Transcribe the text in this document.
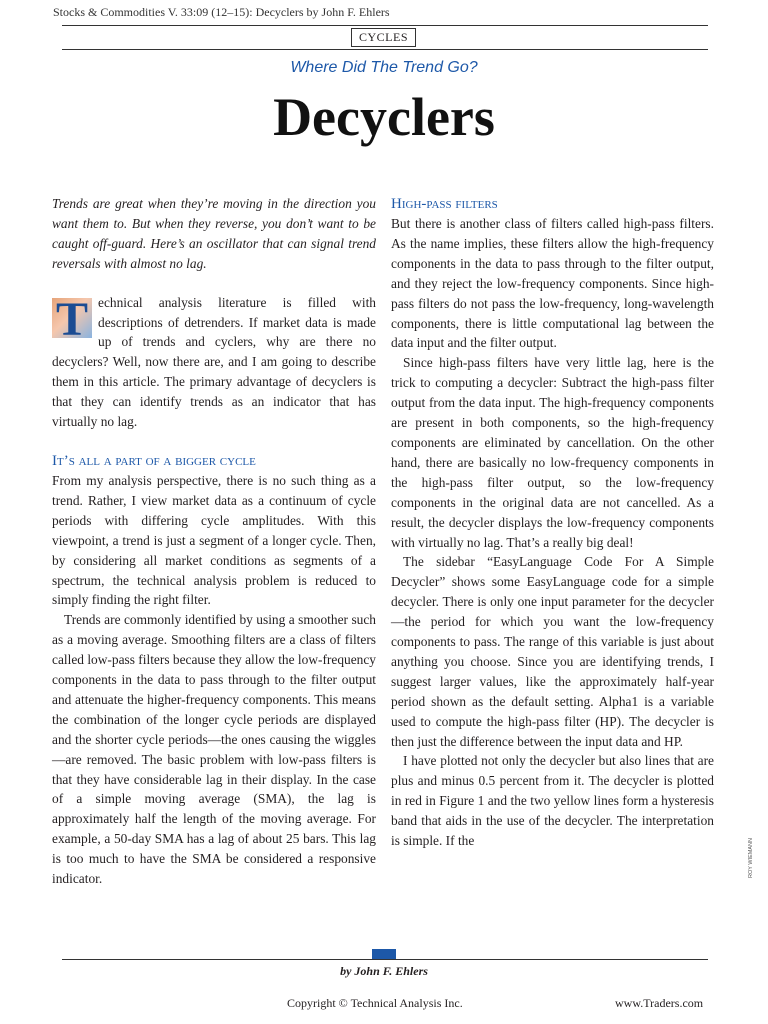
Stocks & Commodities V. 33:09 (12–15): Decyclers by John F. Ehlers
CYCLES
Where Did The Trend Go?
Decyclers

Trends are great when they’re moving in the direction you want them to. But when they reverse, you don’t want to be caught off-guard. Here’s an oscillator that can signal trend reversals with almost no lag.

T echnical analysis literature is filled with descriptions of detrenders. If market data is made up of trends and cyclers, why are there no decyclers? Well, now there are, and I am going to describe them in this article. The primary advantage of decyclers is that they can identify trends as an indicator that has virtually no lag.

It’s all a part of a bigger cycle

From my analysis perspective, there is no such thing as a trend. Rather, I view market data as a continuum of cycle periods with differing cycle amplitudes. With this viewpoint, a trend is just a segment of a longer cycle. Then, by considering all market conditions as segments of a spectrum, the technical analysis problem is reduced to simply finding the right filter.

Trends are commonly identified by using a smoother such as a moving average. Smoothing filters are a class of filters called low-pass filters because they allow the low-frequency components in the data to pass through to the filter output and attenuate the higher-frequency components. This means the combination of the longer cycle periods are displayed and the shorter cycle periods—the ones causing the wiggles—are removed. The basic problem with low-pass filters is that they have considerable lag in their display. In the case of a simple moving average (SMA), the lag is approximately half the length of the moving average. For example, a 50-day SMA has a lag of about 25 bars. This lag is too much to have the SMA be considered a responsive indicator.

High-pass filters

But there is another class of filters called high-pass filters. As the name implies, these filters allow the high-frequency components in the data to pass through to the filter output, and they reject the low-frequency components. Since high-pass filters do not pass the low-frequency, long-wavelength components, there is little computational lag between the data input and the filter output.

Since high-pass filters have very little lag, here is the trick to computing a decycler: Subtract the high-pass filter output from the data input. The high-frequency components are present in both components, so the high-frequency components are eliminated by cancellation. On the other hand, there are basically no low-frequency components in the high-pass filter output, so the low-frequency components in the original data are not cancelled. As a result, the decycler displays the low-frequency components with virtually no lag. That’s a really big deal!

The sidebar “EasyLanguage Code For A Simple Decycler” shows some EasyLanguage code for a simple decycler. There is only one input parameter for the decycler—the period for which you want the low-frequency components to pass. The range of this variable is just about anything you choose. Since you are identifying trends, I suggest larger values, like the approximately half-year period shown as the default setting. Alpha1 is a variable used to compute the high-pass filter (HP). The decycler is then just the difference between the input data and HP.

I have plotted not only the decycler but also lines that are plus and minus 0.5 percent from it. The decycler is plotted in red in Figure 1 and the two yellow lines form a hysteresis band that aids in the use of the decycler. The interpretation is simple. If the	ROY WIEMANN
by John F. Ehlers
Copyright © Technical Analysis Inc.	www.Traders.com
